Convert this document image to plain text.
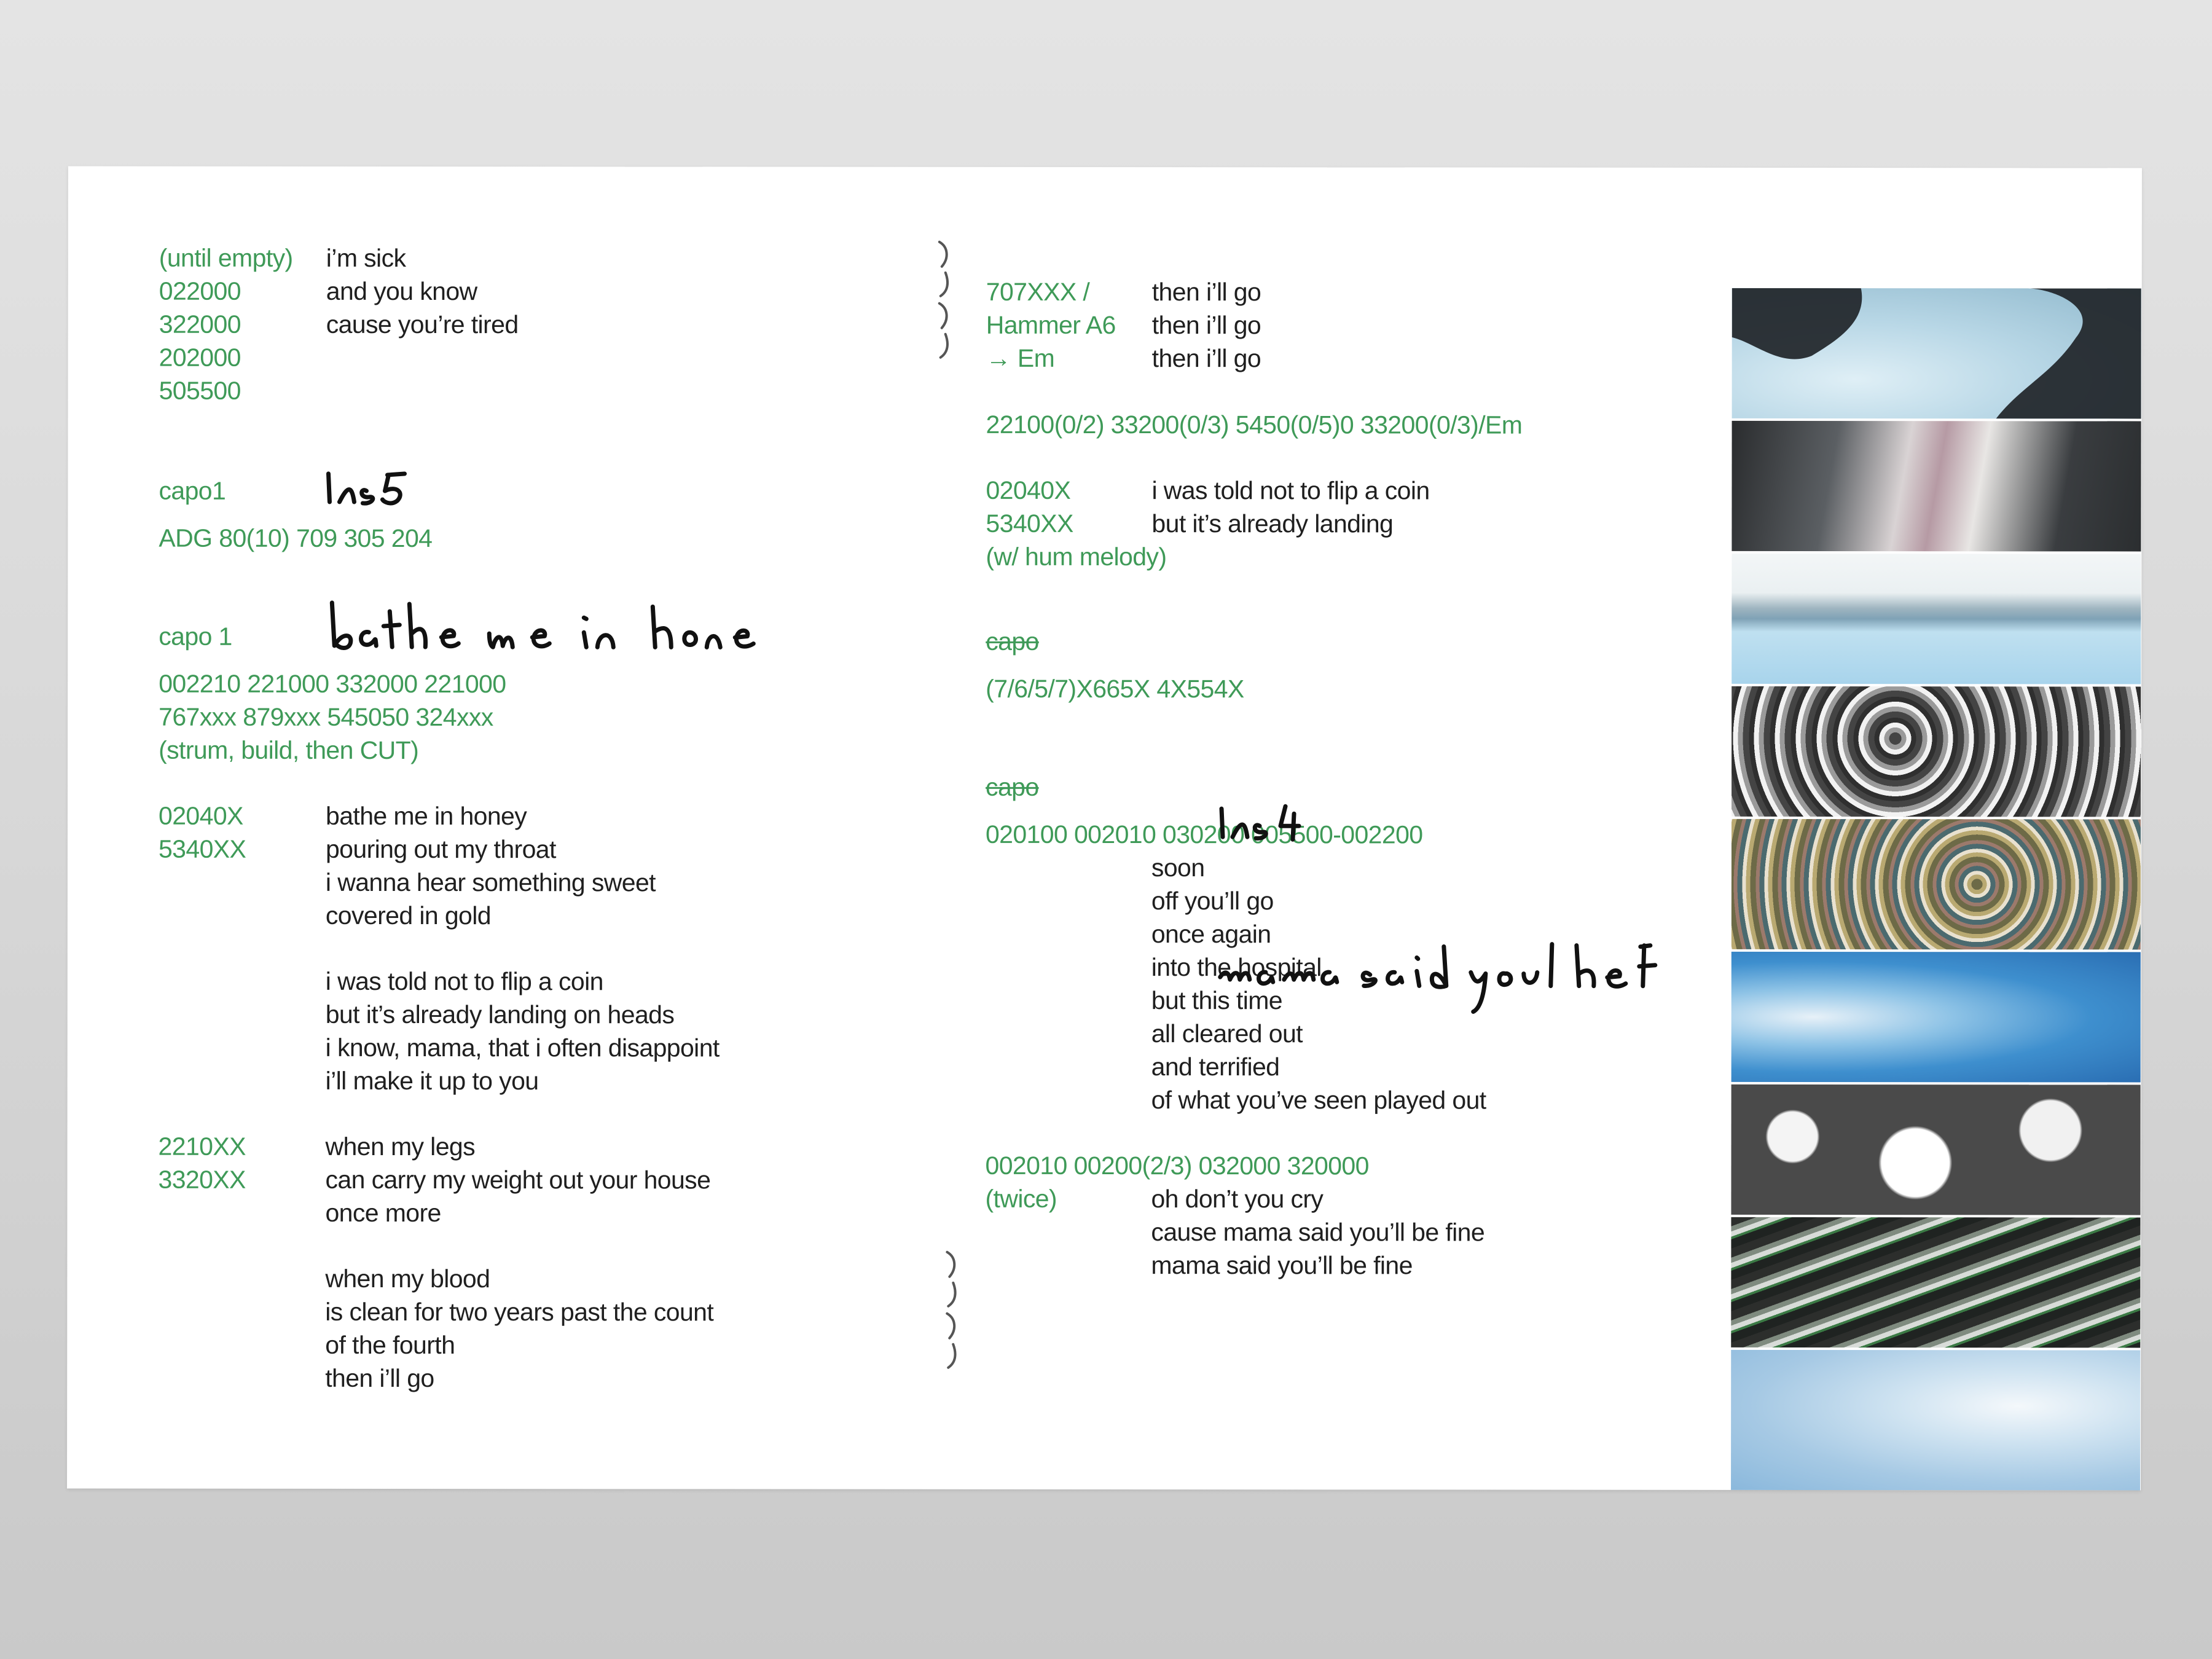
(until empty)
022000
322000
202000
505500
i’m sick
and you know
cause you’re tired
capo1
ADG 80(10) 709 305 204
capo 1
002210 221000 332000 221000
767xxx 879xxx 545050 324xxx
(strum, build, then CUT)
02040X
5340XX
bathe me in honey
pouring out my throat
i wanna hear something sweet
covered in gold
i was told not to flip a coin
but it’s already landing on heads
i know, mama, that i often disappoint
i’ll make it up to you
2210XX
3320XX
when my legs
can carry my weight out your house
once more
when my blood
is clean for two years past the count
of the fourth
then i’ll go
707XXX /
Hammer A6
→ Em
then i’ll go
then i’ll go
then i’ll go
22100(0/2) 33200(0/3) 5450(0/5)0 33200(0/3)/Em
02040X
5340XX
(w/ hum melody)
i was told not to flip a coin
but it’s already landing
capo
(7/6/5/7)X665X 4X554X
capo
020100 002010 030200 005500-002200
soon
off you’ll go
once again
into the hospital
but this time
all cleared out
and terrified
of what you’ve seen played out
002010 00200(2/3) 032000 320000
(twice)	oh don’t you cry
cause mama said you’ll be fine
mama said you’ll be fine
